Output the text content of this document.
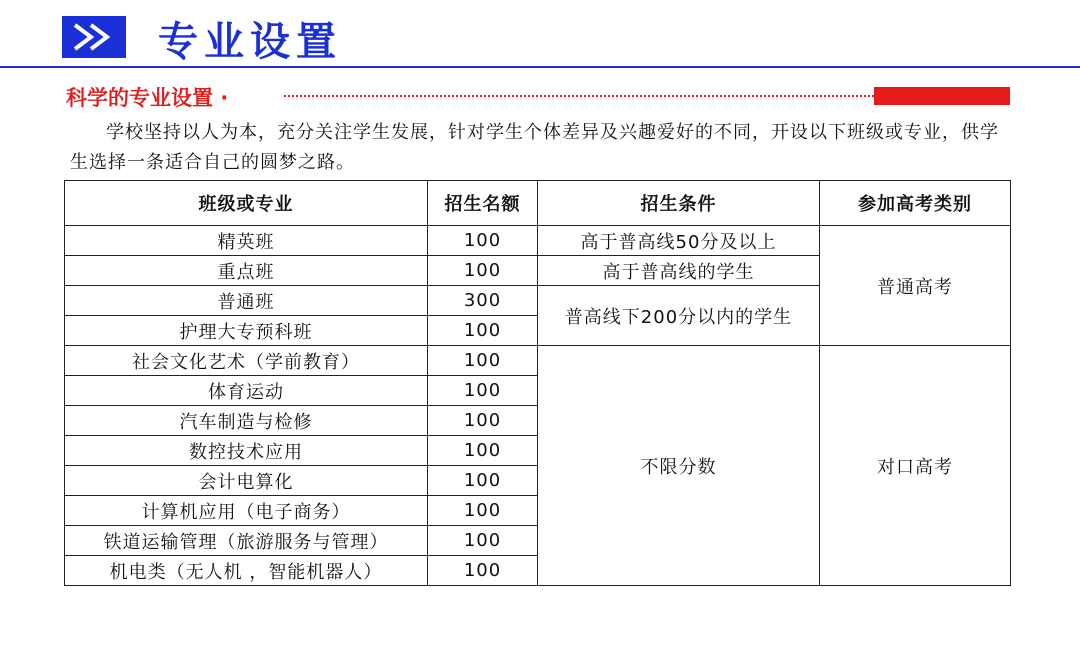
专业设置
科学的专业设置 ·

学校坚持以人为本，充分关注学生发展，针对学生个体差异及兴趣爱好的不同，开设以下班级或专业，供学生选择一条适合自己的圆梦之路。

班级或专业	招生名额	招生条件	参加高考类别
精英班	100	高于普高线50分及以上	普通高考
重点班	100	高于普高线的学生	
普通班	300	普高线下200分以内的学生	
护理大专预科班	100		
社会文化艺术（学前教育）	100	不限分数	对口高考
体育运动	100		
汽车制造与检修	100		
数控技术应用	100		
会计电算化	100		
计算机应用（电子商务）	100		
铁道运输管理（旅游服务与管理）	100		
机电类（无人机 ，智能机器人）	100		
